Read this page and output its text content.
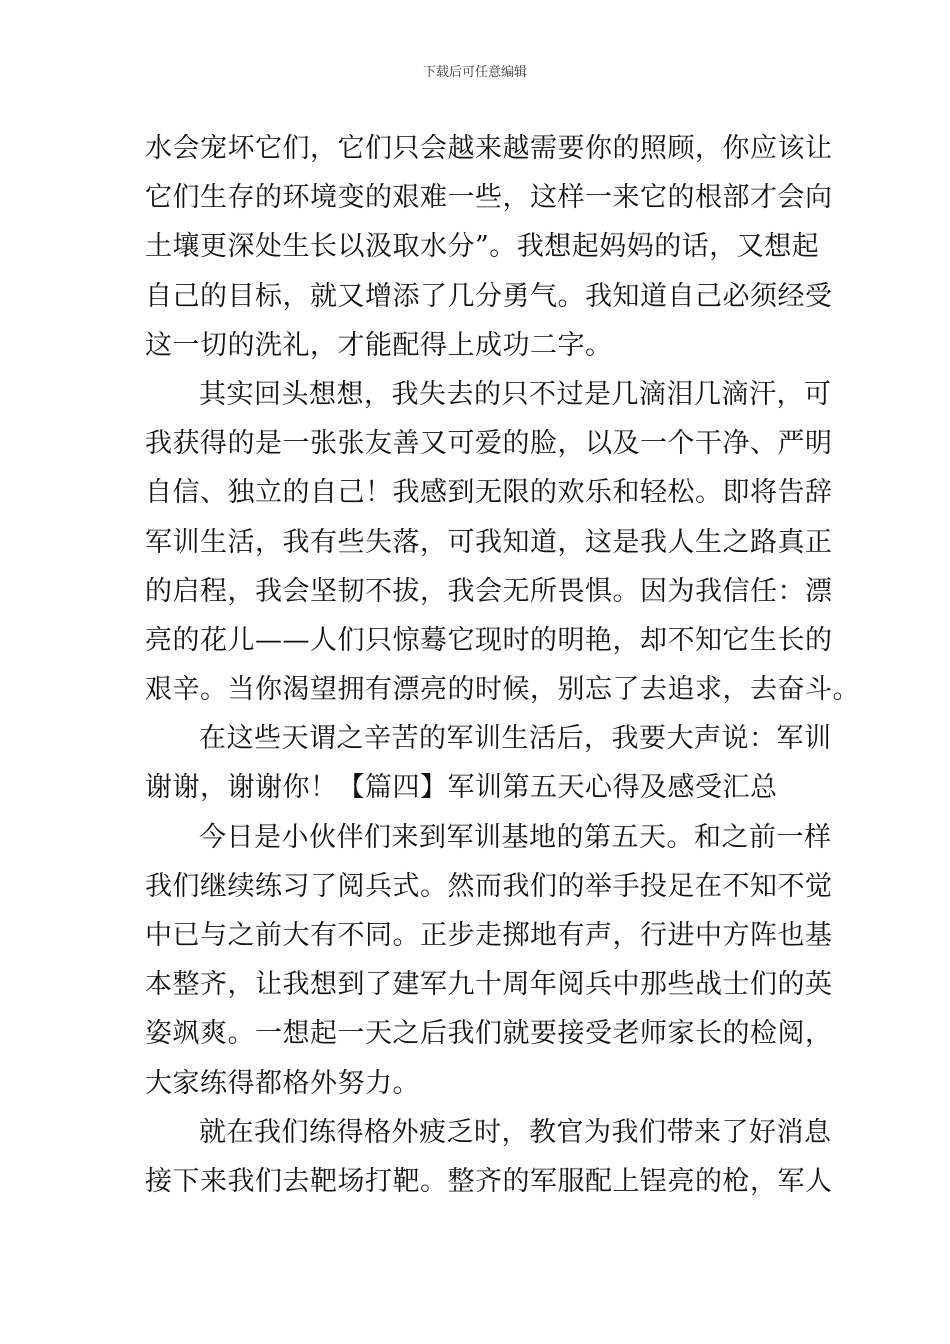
下载后可任意编辑
水会宠坏它们，它们只会越来越需要你的照顾，你应该让
它们生存的环境变的艰难一些，这样一来它的根部才会向
土壤更深处生长以汲取水分”。我想起妈妈的话，又想起
自己的目标，就又增添了几分勇气。我知道自己必须经受
这一切的洗礼，才能配得上成功二字。
其实回头想想，我失去的只不过是几滴泪几滴汗，可
我获得的是一张张友善又可爱的脸，以及一个干净、严明
自信、独立的自己！我感到无限的欢乐和轻松。即将告辞
军训生活，我有些失落，可我知道，这是我人生之路真正
的启程，我会坚韧不拔，我会无所畏惧。因为我信任：漂
亮的花儿——人们只惊蓦它现时的明艳，却不知它生长的
艰辛。当你渴望拥有漂亮的时候，别忘了去追求，去奋斗。
在这些天谓之辛苦的军训生活后，我要大声说：军训
谢谢，谢谢你！【篇四】军训第五天心得及感受汇总
今日是小伙伴们来到军训基地的第五天。和之前一样
我们继续练习了阅兵式。然而我们的举手投足在不知不觉
中已与之前大有不同。正步走掷地有声，行进中方阵也基
本整齐，让我想到了建军九十周年阅兵中那些战士们的英
姿飒爽。一想起一天之后我们就要接受老师家长的检阅，
大家练得都格外努力。
就在我们练得格外疲乏时，教官为我们带来了好消息
接下来我们去靶场打靶。整齐的军服配上锃亮的枪，军人
